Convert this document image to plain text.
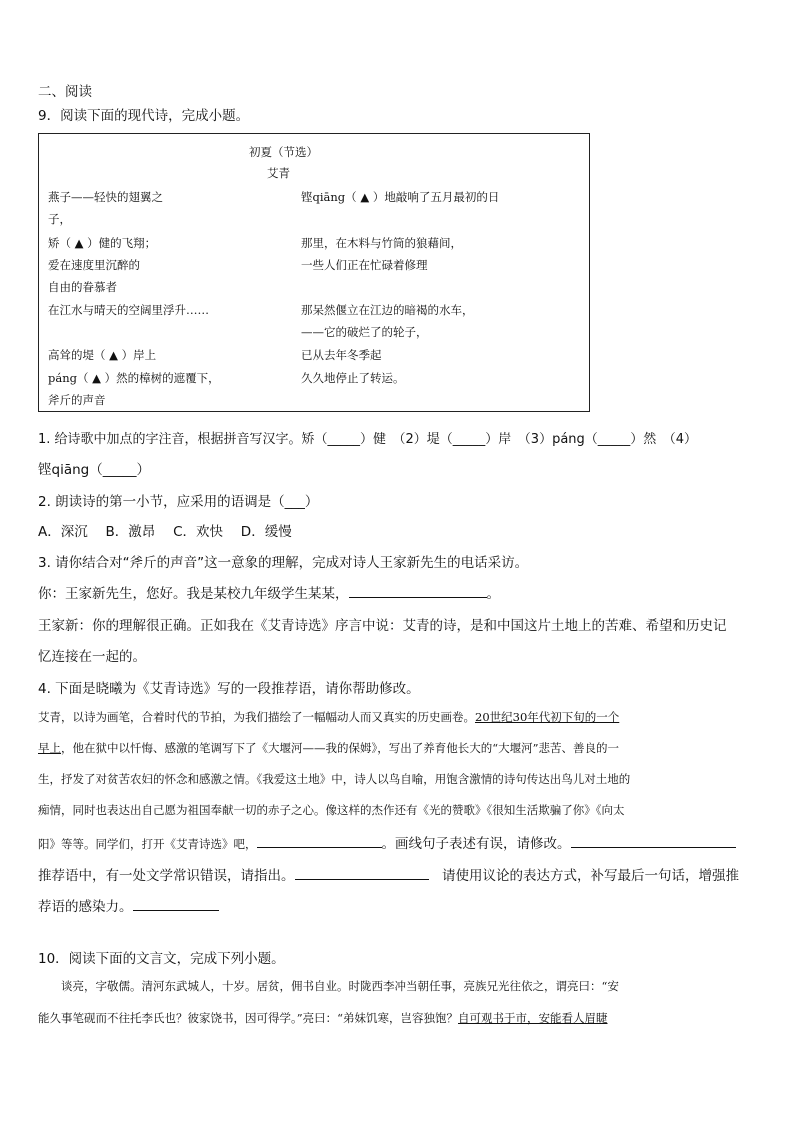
二、阅读
9．阅读下面的现代诗，完成小题。
初夏（节选）
艾青
燕子——轻快的翅翼之
子，
矫（ ▲ ）健的飞翔；
爱在速度里沉醉的
自由的眷慕者
在江水与晴天的空阔里浮升……
高耸的堤（ ▲ ）岸上
páng（ ▲ ）然的樟树的遮覆下，
斧斤的声音
铿qiāng（ ▲ ）地敲响了五月最初的日
那里，在木料与竹筒的狼藉间，
一些人们正在忙碌着修理
那呆然偃立在江边的暗褐的水车，
——它的破烂了的轮子，
已从去年冬季起
久久地停止了转运。
1. 给诗歌中加点的字注音，根据拼音写汉字。矫（_____）健　（2）堤（_____）岸　（3）páng（_____）然　（4）
铿qiāng（_____）
2. 朗读诗的第一小节，应采用的语调是（___）
A．深沉　 B．激昂　 C．欢快　 D．缓慢
3. 请你结合对“斧斤的声音”这一意象的理解，完成对诗人王家新先生的电话采访。
你：王家新先生，您好。我是某校九年级学生某某，	。
王家新：你的理解很正确。正如我在《艾青诗选》序言中说：艾青的诗，是和中国这片土地上的苦难、希望和历史记
忆连接在一起的。
4. 下面是晓曦为《艾青诗选》写的一段推荐语，请你帮助修改。
艾青，以诗为画笔，合着时代的节拍，为我们描绘了一幅幅动人而又真实的历史画卷。20世纪30年代初下旬的一个
早上，他在狱中以忏悔、感激的笔调写下了《大堰河——我的保姆》，写出了养育他长大的“大堰河”悲苦、善良的一
生，抒发了对贫苦农妇的怀念和感激之情。《我爱这土地》中，诗人以鸟自喻，用饱含激情的诗句传达出鸟儿对土地的
痴情，同时也表达出自己愿为祖国奉献一切的赤子之心。像这样的杰作还有《光的赞歌》《很知生活欺骗了你》《向太
阳》等等。同学们，打开《艾青诗选》吧，	。画线句子表述有误，请修改。
推荐语中，有一处文学常识错误，请指出。　	请使用议论的表达方式，补写最后一句话，增强推
荐语的感染力。
10．阅读下面的文言文，完成下列小题。
　　谈亮，字敬儒。清河东武城人，十岁。居贫，佣书自业。时陇西李冲当朝任事，亮族兄光往依之，谓亮曰：“安
能久事笔砚而不往托李氏也？彼家饶书，因可得学。”亮曰：“弟妹饥寒，岂容独饱？自可观书于市，安能看人眉睫
